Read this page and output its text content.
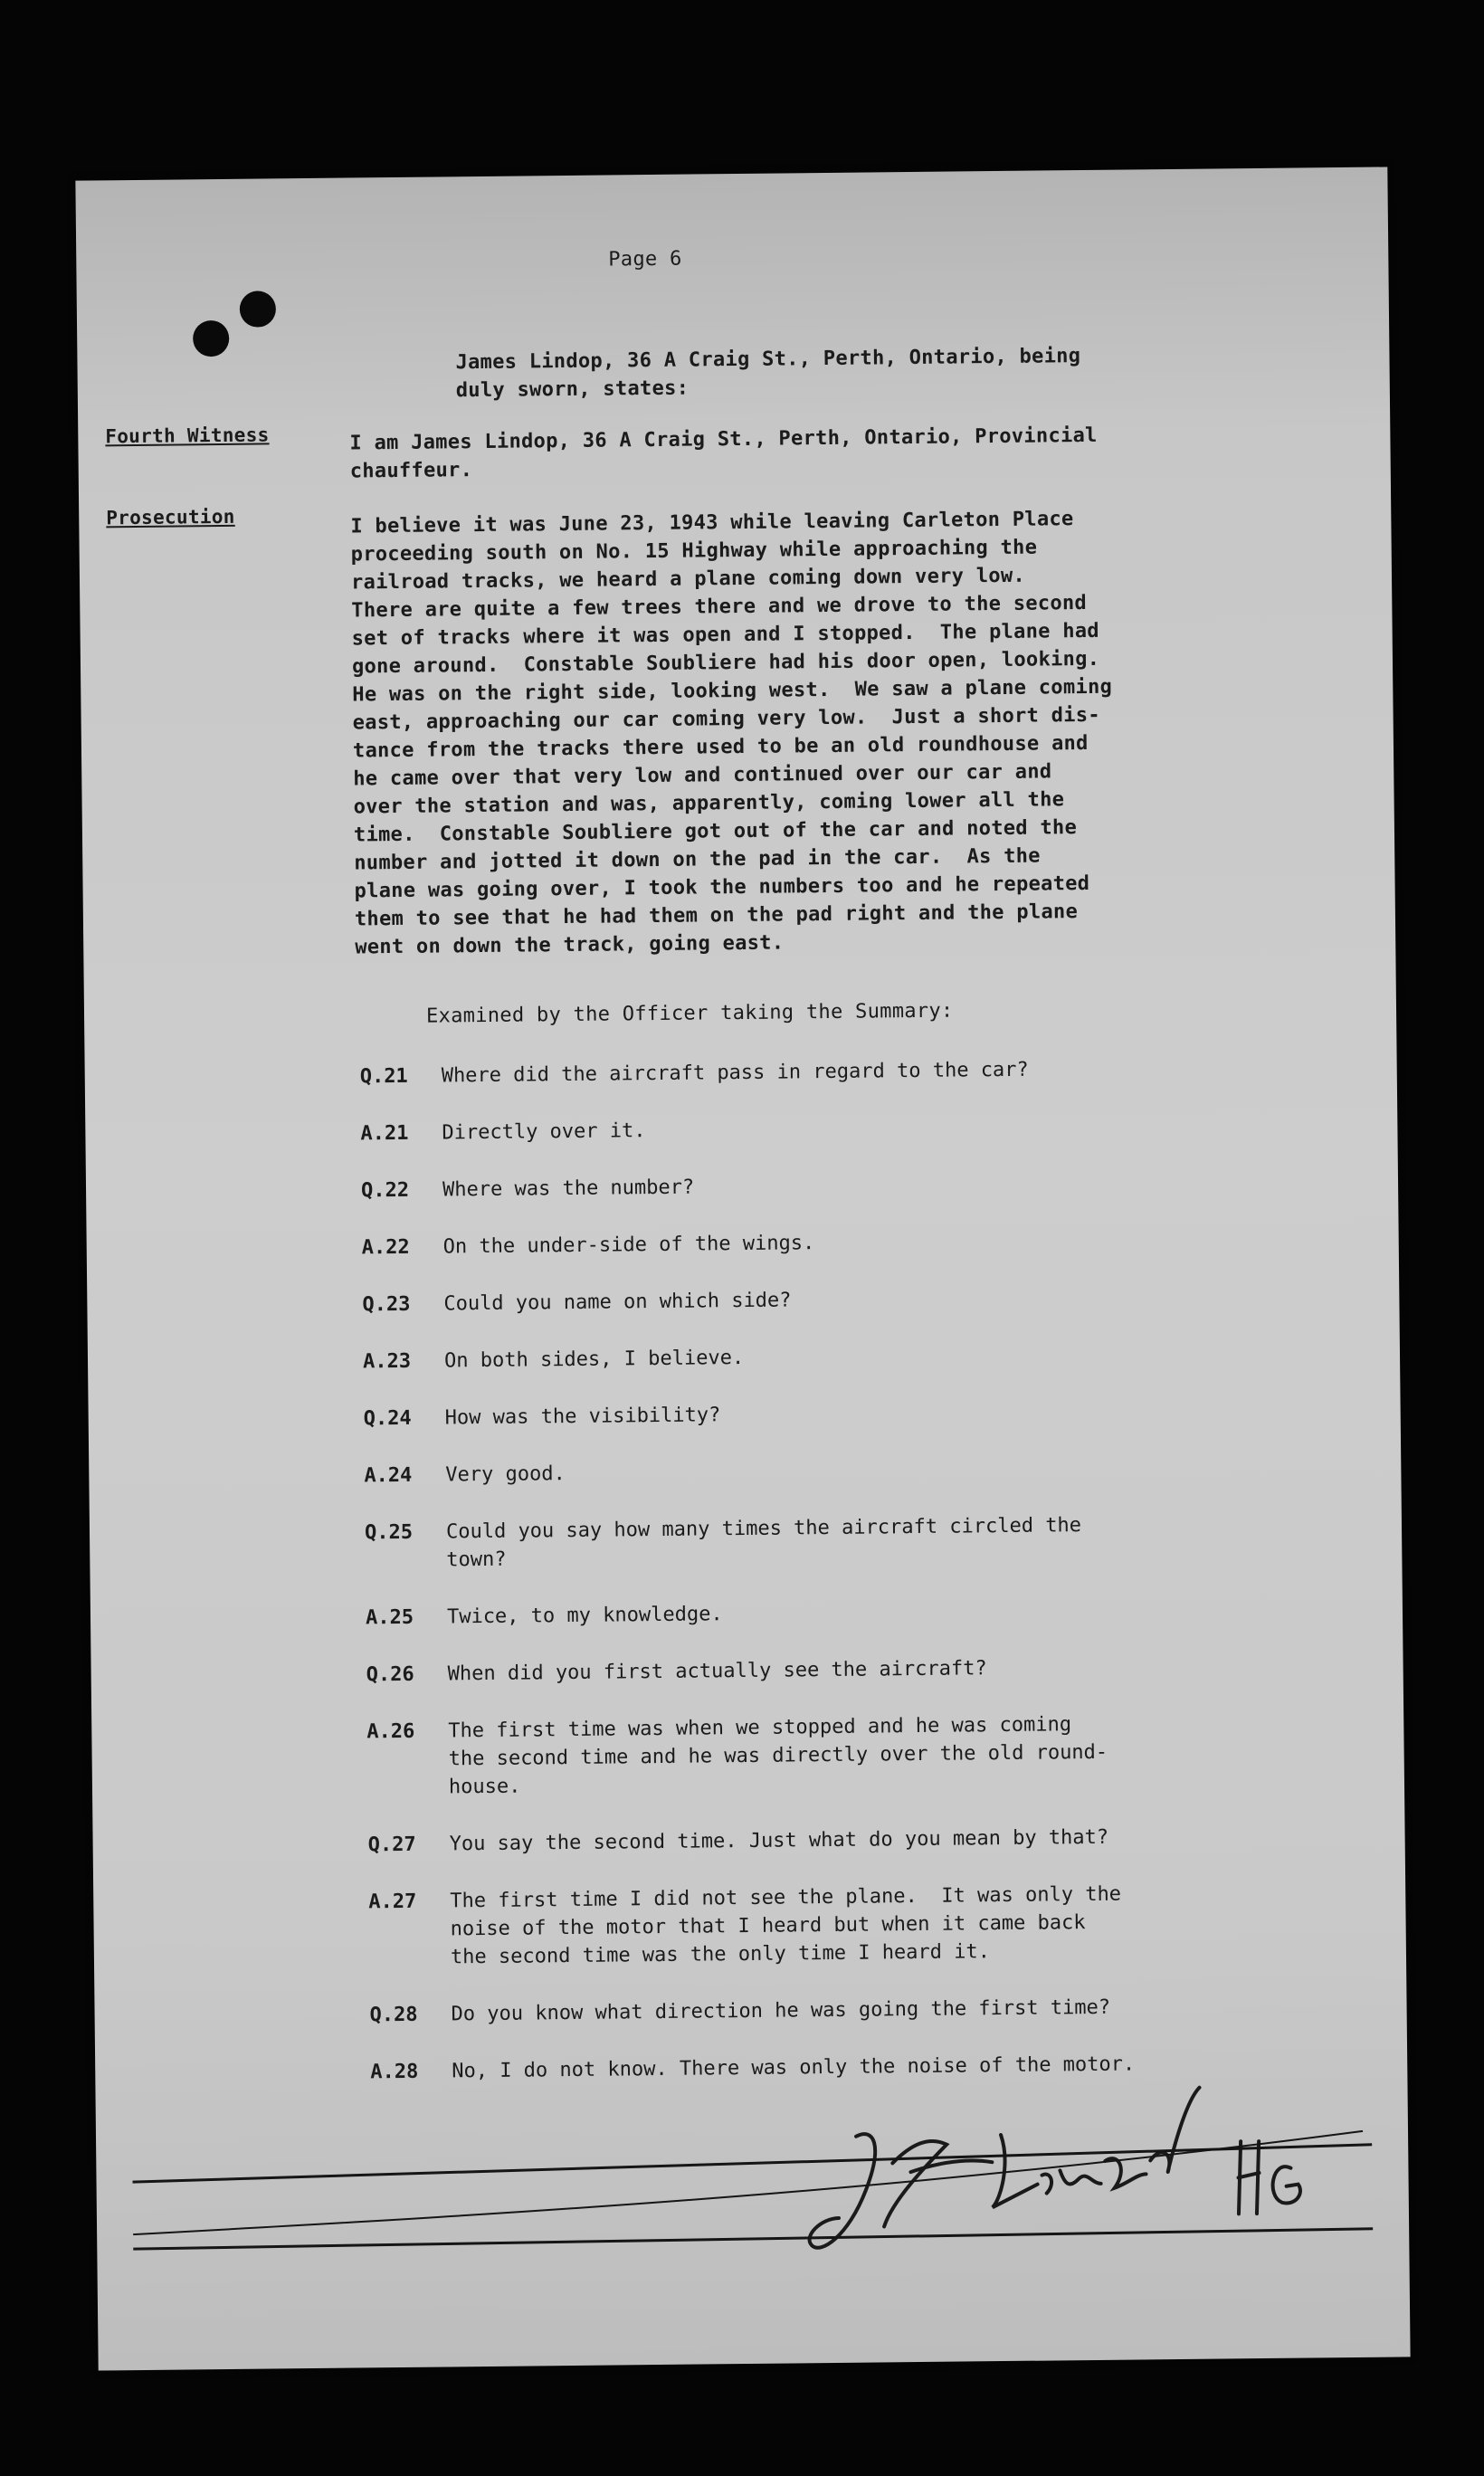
Page 6

Fourth Witness

Prosecution

James Lindop, 36 A Craig St., Perth, Ontario, being
duly sworn, states:

I am James Lindop, 36 A Craig St., Perth, Ontario, Provincial
chauffeur.

I believe it was June 23, 1943 while leaving Carleton Place
proceeding south on No. 15 Highway while approaching the
railroad tracks, we heard a plane coming down very low.
There are quite a few trees there and we drove to the second
set of tracks where it was open and I stopped.  The plane had
gone around.  Constable Soubliere had his door open, looking.
He was on the right side, looking west.  We saw a plane coming
east, approaching our car coming very low.  Just a short dis-
tance from the tracks there used to be an old roundhouse and
he came over that very low and continued over our car and
over the station and was, apparently, coming lower all the
time.  Constable Soubliere got out of the car and noted the
number and jotted it down on the pad in the car.  As the
plane was going over, I took the numbers too and he repeated
them to see that he had them on the pad right and the plane
went on down the track, going east.

Examined by the Officer taking the Summary:

Q.21	Where did the aircraft pass in regard to the car?
A.21	Directly over it.
Q.22	Where was the number?
A.22	On the under-side of the wings.
Q.23	Could you name on which side?
A.23	On both sides, I believe.
Q.24	How was the visibility?
A.24	Very good.
Q.25	Could you say how many times the aircraft circled the
town?
A.25	Twice, to my knowledge.
Q.26	When did you first actually see the aircraft?
A.26	The first time was when we stopped and he was coming
the second time and he was directly over the old round-
house.
Q.27	You say the second time. Just what do you mean by that?
A.27	The first time I did not see the plane.  It was only the
noise of the motor that I heard but when it came back
the second time was the only time I heard it.
Q.28	Do you know what direction he was going the first time?
A.28	No, I do not know. There was only the noise of the motor.
